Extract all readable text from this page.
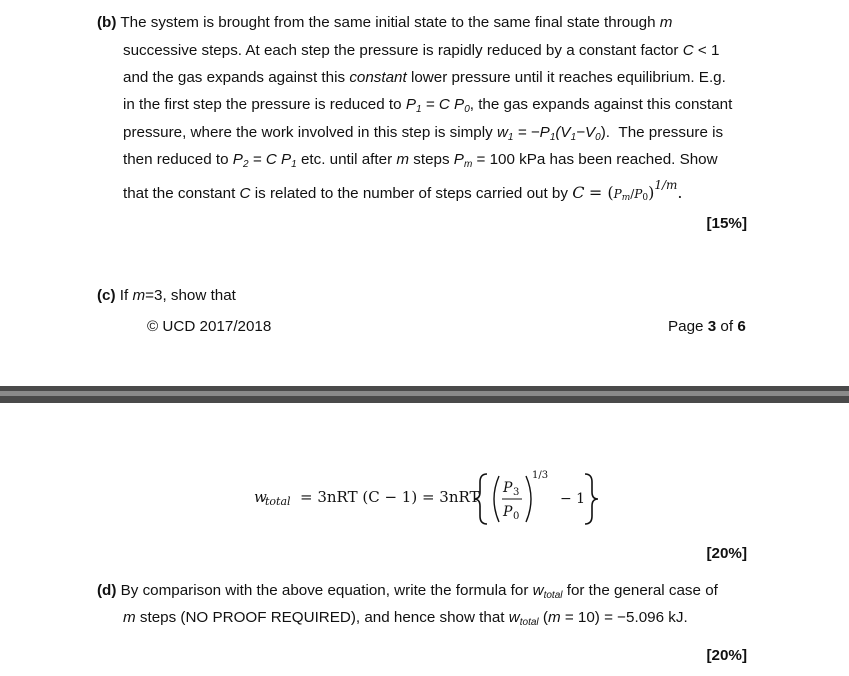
(b) The system is brought from the same initial state to the same final state through m
successive steps. At each step the pressure is rapidly reduced by a constant factor C < 1
and the gas expands against this constant lower pressure until it reaches equilibrium. E.g.
in the first step the pressure is reduced to $P_1 = C$ $P_0$, the gas expands against this constant
pressure, where the work involved in this step is simply $w_1 = -P_1(V_1-V_0)$. The pressure is
then reduced to $P_2 = C$ $P_1$ etc. until after m steps $P_m = 100$ kPa has been reached. Show
that the constant C is related to the number of steps carried out by $C = (Pm/P0)^{1/m}$.
[15%]
(c) If m=3, show that
© UCD 2017/2018	Page 3 of 6
w
total = 3nRT (C − 1) = 3nRT P 3
P 0
1/3
− 1
[20%]
(d) By comparison with the above equation, write the formula for $w_{total}$ for the general case of
m steps (NO PROOF REQUIRED), and hence show that $w_{total}$ (m = 10) = −5.096 kJ.
[20%]
